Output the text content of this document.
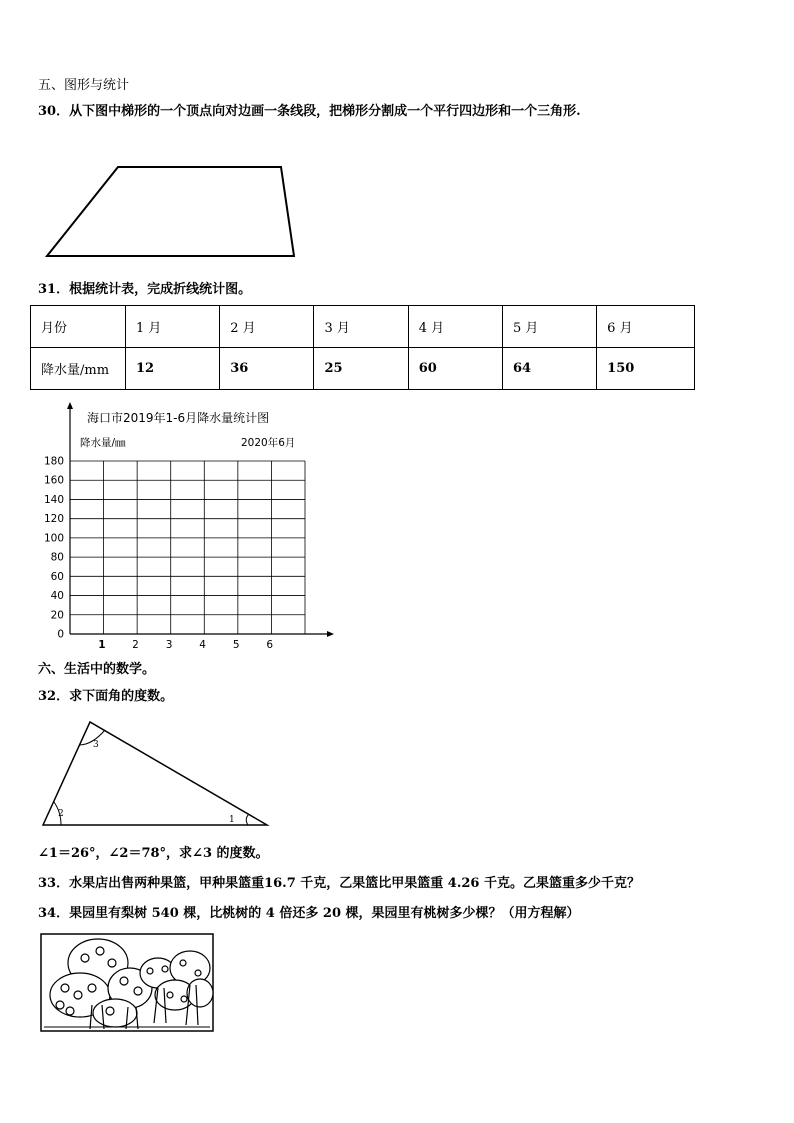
五、图形与统计
30．从下图中梯形的一个顶点向对边画一条线段，把梯形分割成一个平行四边形和一个三角形.
31．根据统计表，完成折线统计图。
月份	1 月	2 月	3 月	4 月	5 月	6 月
降水量/mm	12	36	25	60	64	150
海口市2019年1-6月降水量统计图
降水量/㎜	2020年6月
0
20
40
60
80
100
120
140
160
180
1	2	3	4	5	6
六、生活中的数学。
32．求下面角的度数。
3
2
1
∠1＝26°，∠2＝78°，求∠3 的度数。
33．水果店出售两种果篮，甲种果篮重16.7 千克，乙果篮比甲果篮重 4.26 千克。乙果篮重多少千克？
34．果园里有梨树 540 棵，比桃树的 4 倍还多 20 棵，果园里有桃树多少棵？（用方程解）
